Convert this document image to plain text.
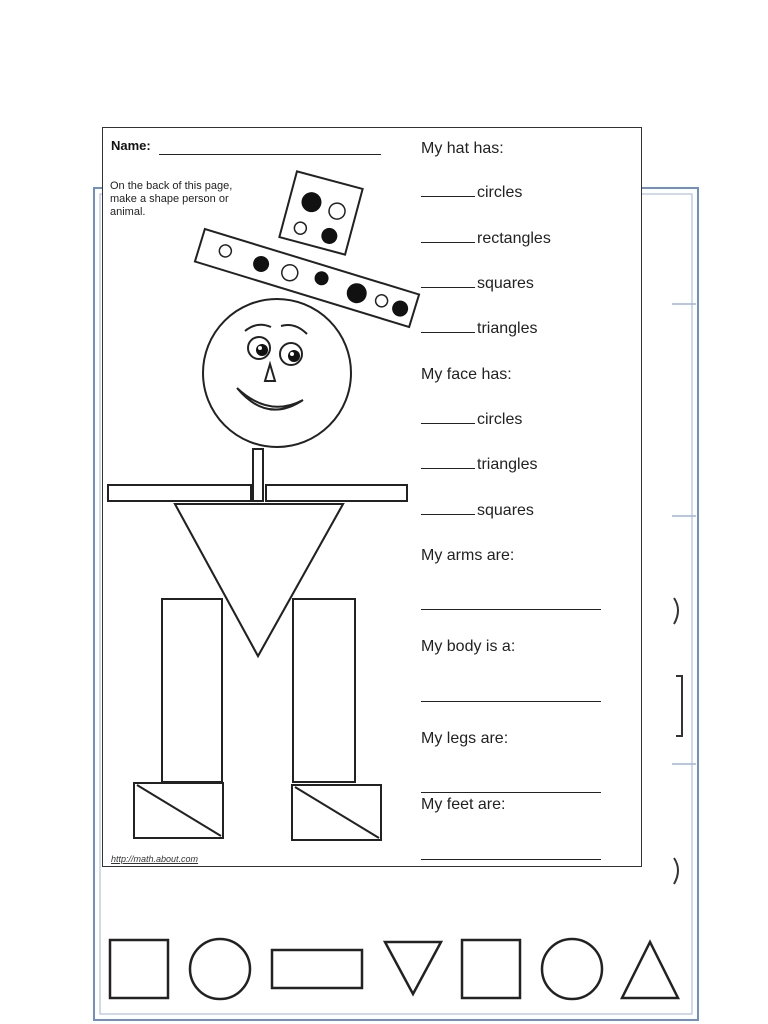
Name:
On the back of this page, make a shape person or animal.
My hat has:
circles
rectangles
squares
triangles
My face has:
circles
triangles
squares
My arms are:
My body is a:
My legs are:
My feet are:
http://math.about.com
